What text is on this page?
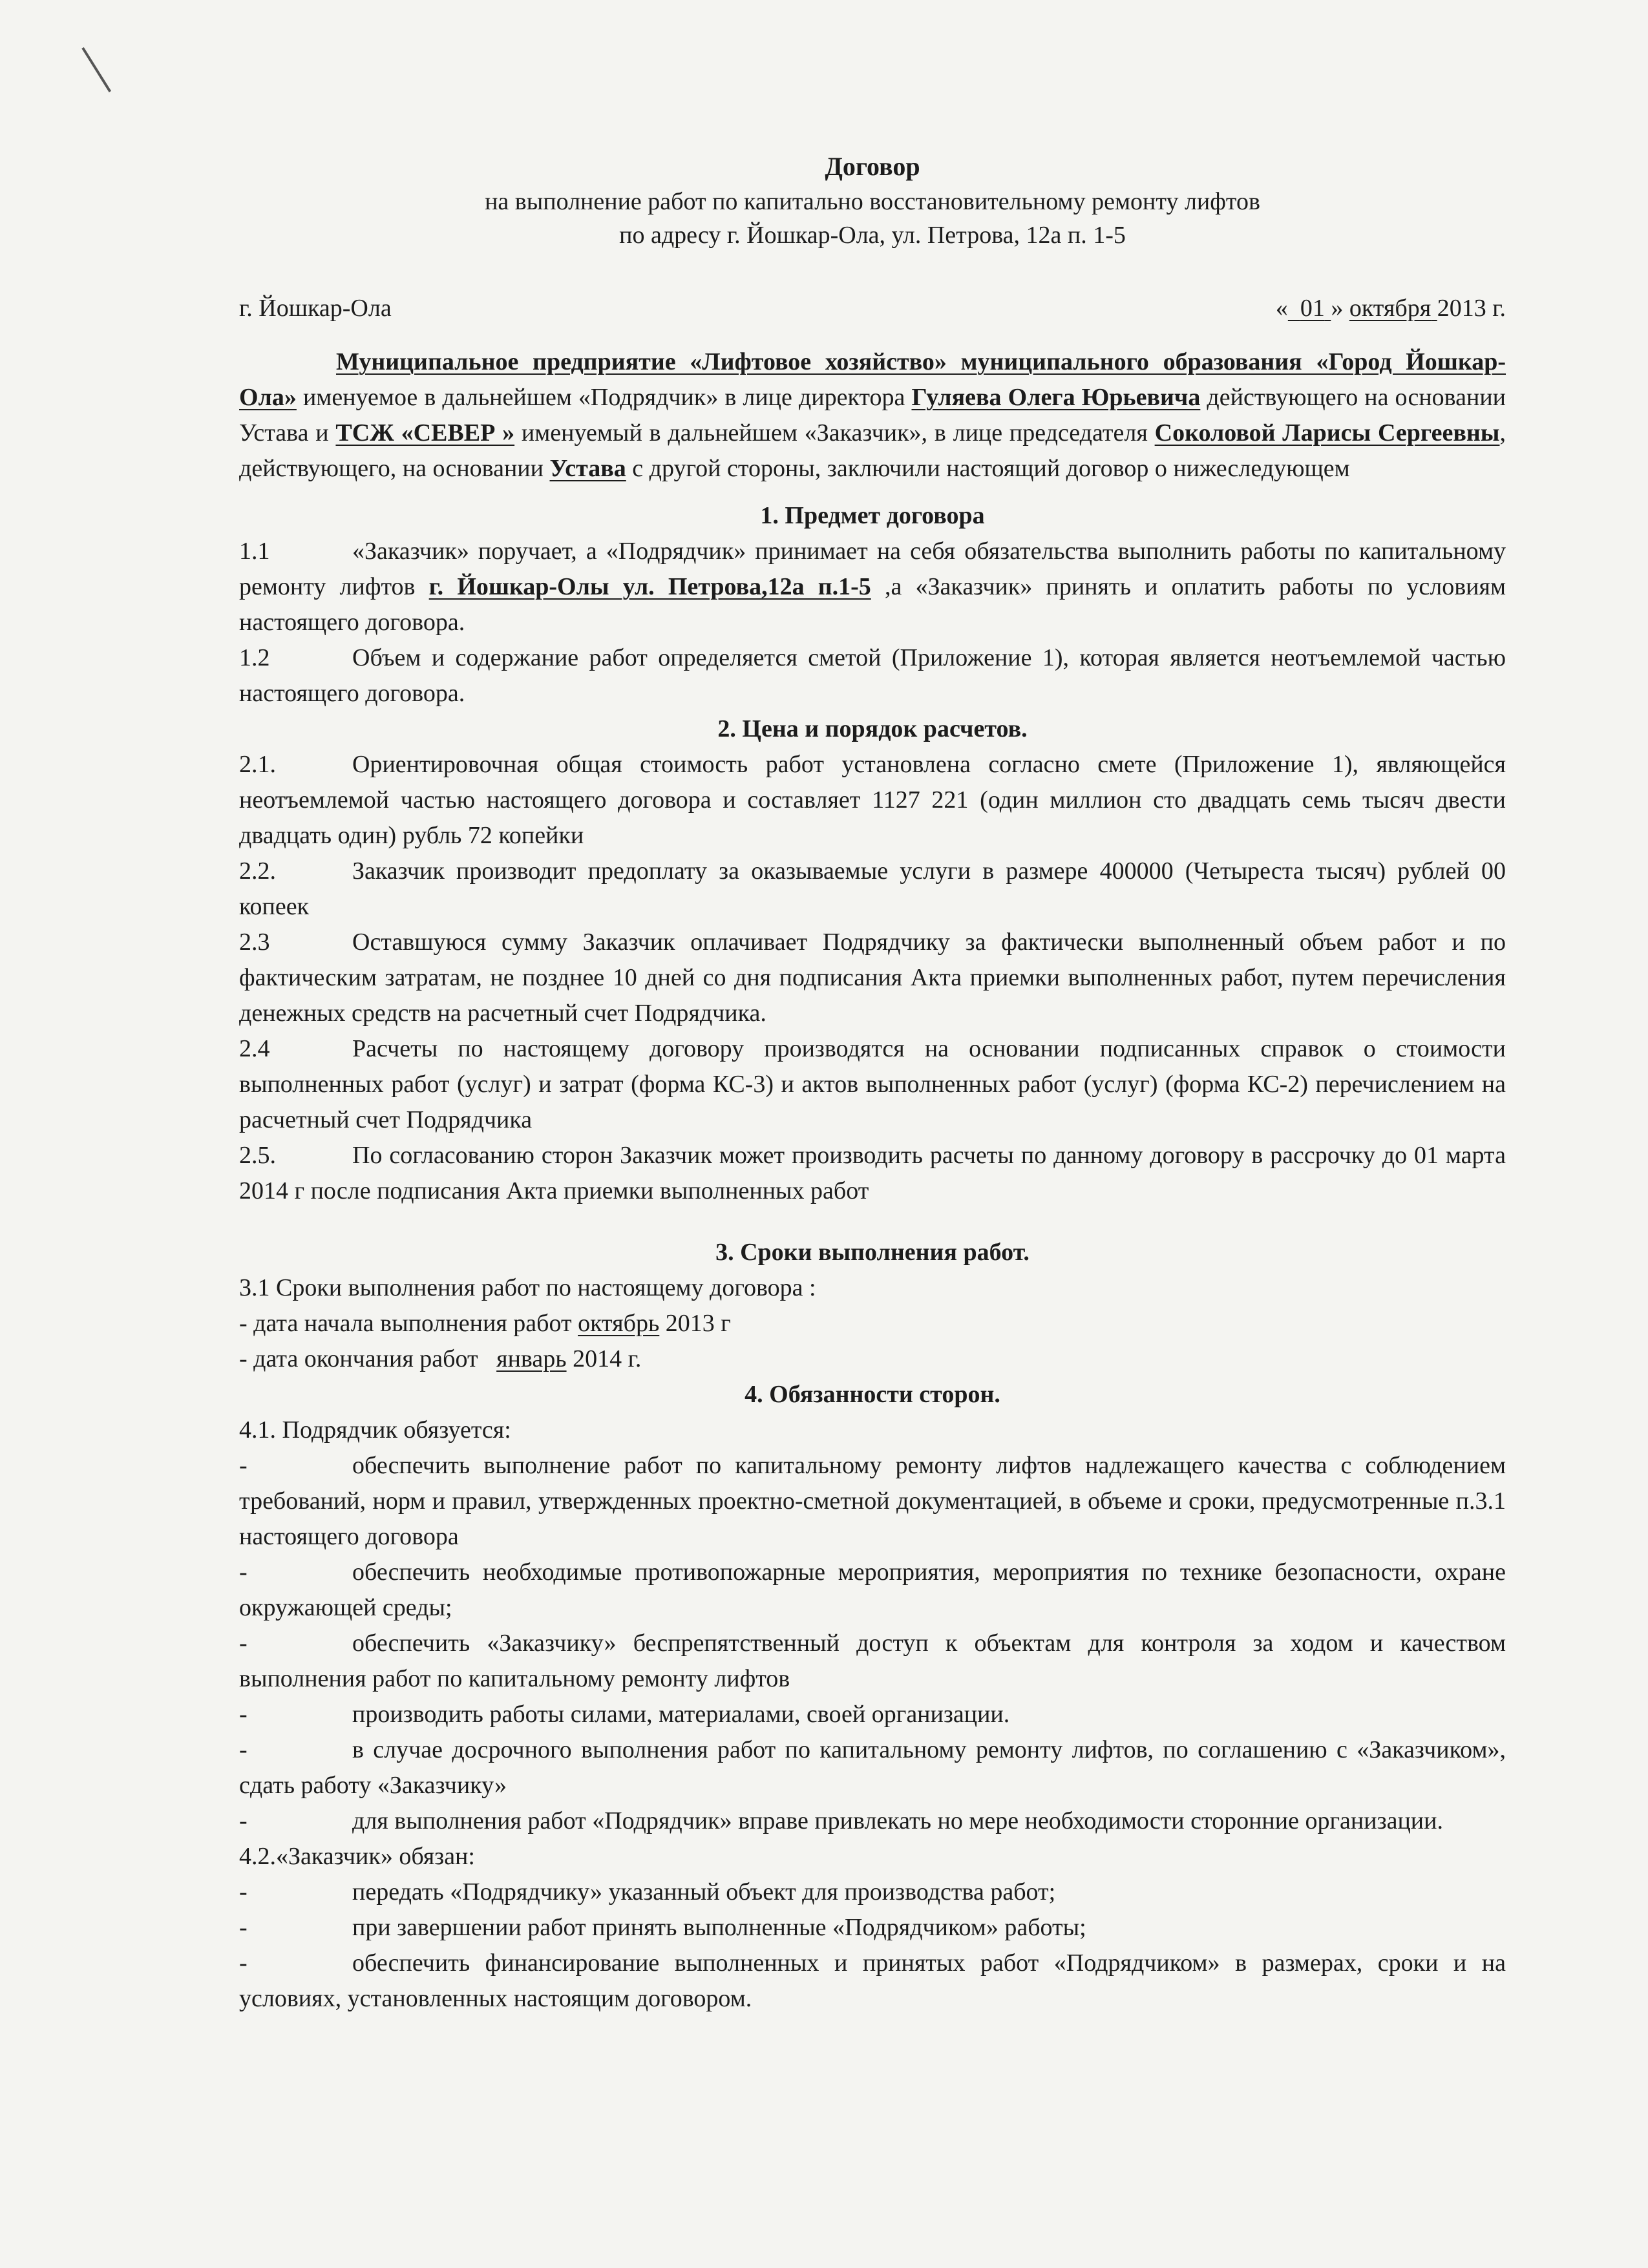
Договор
на выполнение работ по капитально восстановительному ремонту лифтов
по адресу г. Йошкар-Ола, ул. Петрова, 12а п. 1-5
г. Йошкар-Ола	« 01 » октября 2013 г.

Муниципальное предприятие «Лифтовое хозяйство» муниципального образования «Город Йошкар-Ола» именуемое в дальнейшем «Подрядчик» в лице директора Гуляева Олега Юрьевича действующего на основании Устава и ТСЖ «СЕВЕР » именуемый в дальнейшем «Заказчик», в лице председателя Соколовой Ларисы Сергеевны, действующего, на основании Устава с другой стороны, заключили настоящий договор о нижеследующем

1. Предмет договора

1.1	«Заказчик» поручает, а «Подрядчик» принимает на себя обязательства выполнить работы по капитальному ремонту лифтов г. Йошкар-Олы ул. Петрова,12а п.1-5 ,а «Заказчик» принять и оплатить работы по условиям настоящего договора.

1.2	Объем и содержание работ определяется сметой (Приложение 1), которая является неотъемлемой частью настоящего договора.

2. Цена и порядок расчетов.

2.1.	Ориентировочная общая стоимость работ установлена согласно смете (Приложение 1), являющейся неотъемлемой частью настоящего договора и составляет 1127 221 (один миллион сто двадцать семь тысяч двести двадцать один) рубль 72 копейки

2.2.	Заказчик производит предоплату за оказываемые услуги в размере 400000 (Четыреста тысяч) рублей 00 копеек

2.3	Оставшуюся сумму Заказчик оплачивает Подрядчику за фактически выполненный объем работ и по фактическим затратам, не позднее 10 дней со дня подписания Акта приемки выполненных работ, путем перечисления денежных средств на расчетный счет Подрядчика.

2.4	Расчеты по настоящему договору производятся на основании подписанных справок о стоимости выполненных работ (услуг) и затрат (форма КС-3) и актов выполненных работ (услуг) (форма КС-2) перечислением на расчетный счет Подрядчика

2.5.	По согласованию сторон Заказчик может производить расчеты по данному договору в рассрочку до 01 марта 2014 г после подписания Акта приемки выполненных работ

3. Сроки выполнения работ.

3.1 Сроки выполнения работ по настоящему договора :

- дата начала выполнения работ октябрь 2013 г

- дата окончания работ   январь 2014 г.

4. Обязанности сторон.

4.1. Подрядчик обязуется:

-	обеспечить выполнение работ по капитальному ремонту лифтов надлежащего качества с соблюдением требований, норм и правил, утвержденных проектно-сметной документацией, в объеме и сроки, предусмотренные п.3.1 настоящего договора

-	обеспечить необходимые противопожарные мероприятия, мероприятия по технике безопасности, охране окружающей среды;

-	обеспечить «Заказчику» беспрепятственный доступ к объектам для контроля за ходом и качеством выполнения работ по капитальному ремонту лифтов

-	производить работы силами, материалами, своей организации.

-	в случае досрочного выполнения работ по капитальному ремонту лифтов, по соглашению с «Заказчиком», сдать работу «Заказчику»

-	для выполнения работ «Подрядчик» вправе привлекать но мере необходимости сторонние организации.

4.2.«Заказчик» обязан:

-	передать «Подрядчику» указанный объект для производства работ;

-	при завершении работ принять выполненные «Подрядчиком» работы;

-	обеспечить финансирование выполненных и принятых работ «Подрядчиком» в размерах, сроки и на условиях, установленных настоящим договором.
